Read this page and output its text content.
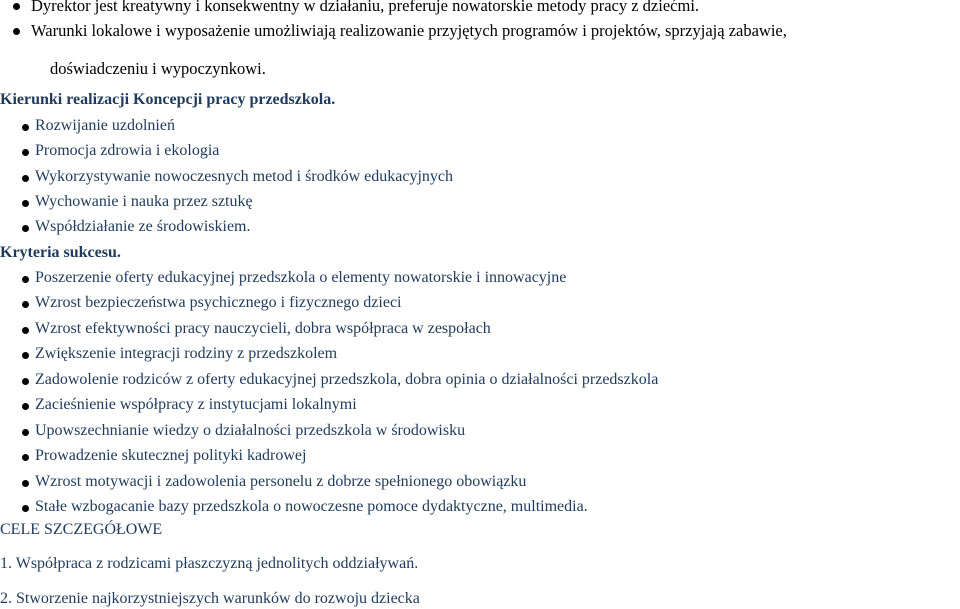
Dyrektor jest kreatywny i konsekwentny w działaniu, preferuje nowatorskie metody pracy z dziećmi.
Warunki lokalowe i wyposażenie umożliwiają realizowanie przyjętych programów i projektów, sprzyjają zabawie,
doświadczeniu i wypoczynkowi.
Kierunki realizacji Koncepcji pracy przedszkola.
Rozwijanie uzdolnień
Promocja zdrowia i ekologia
Wykorzystywanie nowoczesnych metod i środków edukacyjnych
Wychowanie i nauka przez sztukę
Współdziałanie ze środowiskiem.
Kryteria sukcesu.
Poszerzenie oferty edukacyjnej przedszkola o elementy nowatorskie i innowacyjne
Wzrost bezpieczeństwa psychicznego i fizycznego dzieci
Wzrost efektywności pracy nauczycieli, dobra współpraca w zespołach
Zwiększenie integracji rodziny z przedszkolem
Zadowolenie rodziców z oferty edukacyjnej przedszkola, dobra opinia o działalności przedszkola
Zacieśnienie współpracy z instytucjami lokalnymi
Upowszechnianie wiedzy o działalności przedszkola w środowisku
Prowadzenie skutecznej polityki kadrowej
Wzrost motywacji i zadowolenia personelu z dobrze spełnionego obowiązku
Stałe wzbogacanie bazy przedszkola o nowoczesne pomoce dydaktyczne, multimedia.
CELE SZCZEGÓŁOWE
1. Współpraca z rodzicami płaszczyzną jednolitych oddziaływań.
2. Stworzenie najkorzystniejszych warunków do rozwoju dziecka
